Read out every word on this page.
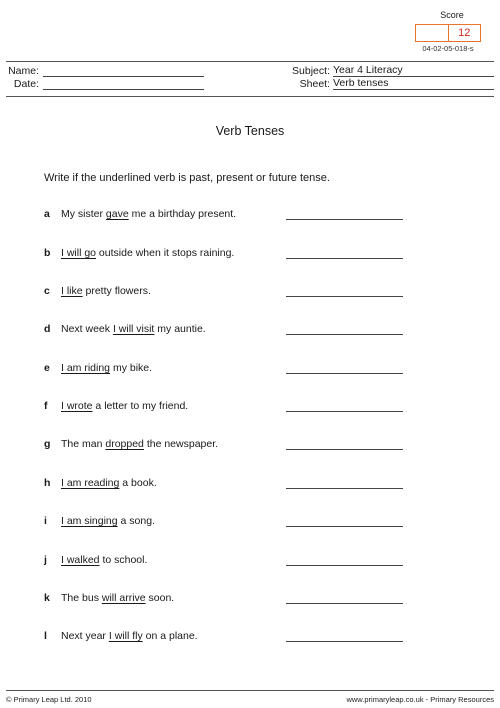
Score
12
04-02-05-018-s
Name:
Date:
Subject: Year 4 Literacy
Sheet: Verb tenses
Verb Tenses
Write if the underlined verb is past, present or future tense.
a	My sister gave me a birthday present.
b	I will go outside when it stops raining.
c	I like pretty flowers.
d	Next week I will visit my auntie.
e	I am riding my bike.
f	I wrote a letter to my friend.
g	The man dropped the newspaper.
h	I am reading a book.
i	I am singing a song.
j	I walked to school.
k	The bus will arrive soon.
l	Next year I will fly on a plane.
© Primary Leap Ltd. 2010	www.primaryleap.co.uk - Primary Resources
